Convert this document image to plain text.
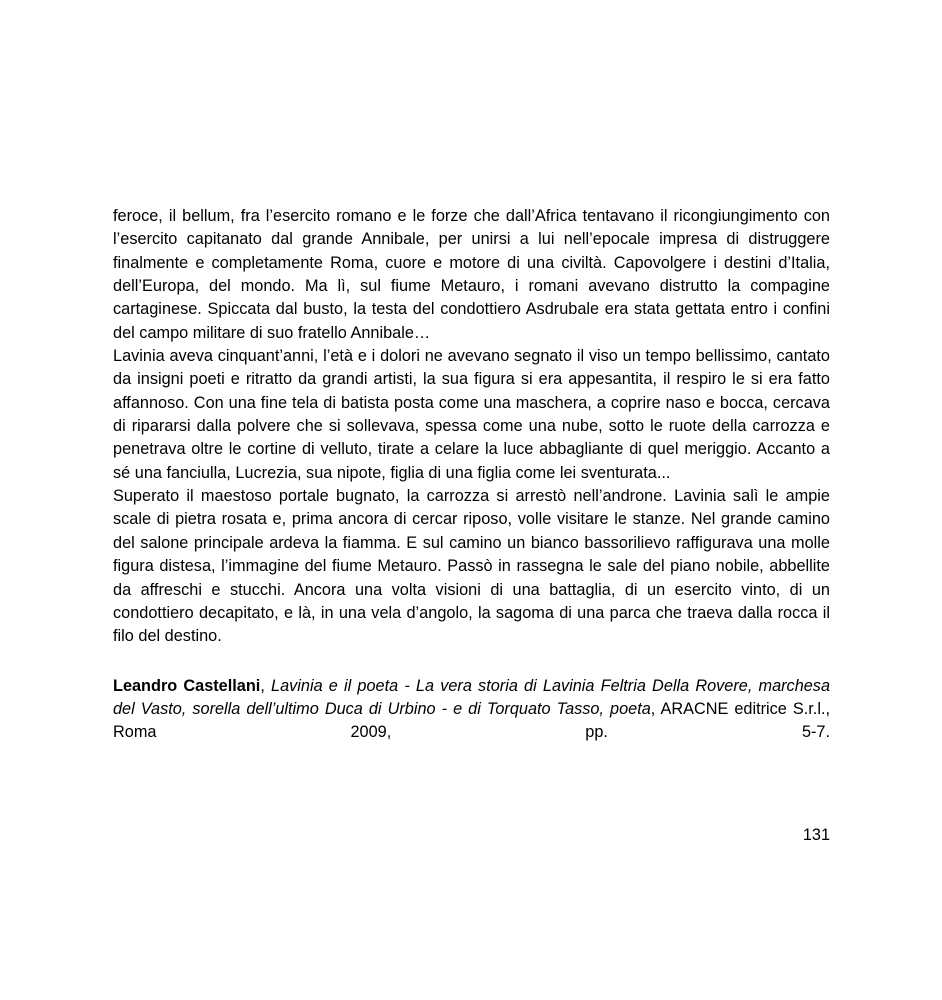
feroce, il bellum, fra l’esercito romano e le forze che dall’Africa tentavano il ricongiungimento con l’esercito capitanato dal grande Annibale, per unirsi a lui nell’epocale impresa di distruggere finalmente e completamente Roma, cuore e motore di una civiltà. Capovolgere i destini d’Italia, dell’Europa, del mondo. Ma lì, sul fiume Metauro, i romani avevano distrutto la compagine cartaginese. Spiccata dal busto, la testa del condottiero Asdrubale era stata gettata entro i confini del campo militare di suo fratello Annibale…

Lavinia aveva cinquant’anni, l’età e i dolori ne avevano segnato il viso un tempo bellissimo, cantato da insigni poeti e ritratto da grandi artisti, la sua figura si era appesantita, il respiro le si era fatto affannoso. Con una fine tela di batista posta come una maschera, a coprire naso e bocca, cercava di ripararsi dalla polvere che si sollevava, spessa come una nube, sotto le ruote della carrozza e penetrava oltre le cortine di velluto, tirate a celare la luce abbagliante di quel meriggio. Accanto a sé una fanciulla, Lucrezia, sua nipote, figlia di una figlia come lei sventurata...

Superato il maestoso portale bugnato, la carrozza si arrestò nell’androne. Lavinia salì le ampie scale di pietra rosata e, prima ancora di cercar riposo, volle visitare le stanze. Nel grande camino del salone principale ardeva la fiamma. E sul camino un bianco bassorilievo raffigurava una molle figura distesa, l’immagine del fiume Metauro. Passò in rassegna le sale del piano nobile, abbellite da affreschi e stucchi. Ancora una volta visioni di una battaglia, di un esercito vinto, di un condottiero decapitato, e là, in una vela d’angolo, la sagoma di una parca che traeva dalla rocca il filo del destino.

Leandro Castellani, Lavinia e il poeta - La vera storia di Lavinia Feltria Della Rovere, marchesa del Vasto, sorella dell’ultimo Duca di Urbino - e di Torquato Tasso, poeta, ARACNE editrice S.r.l., Roma 2009, pp. 5-7.

131
